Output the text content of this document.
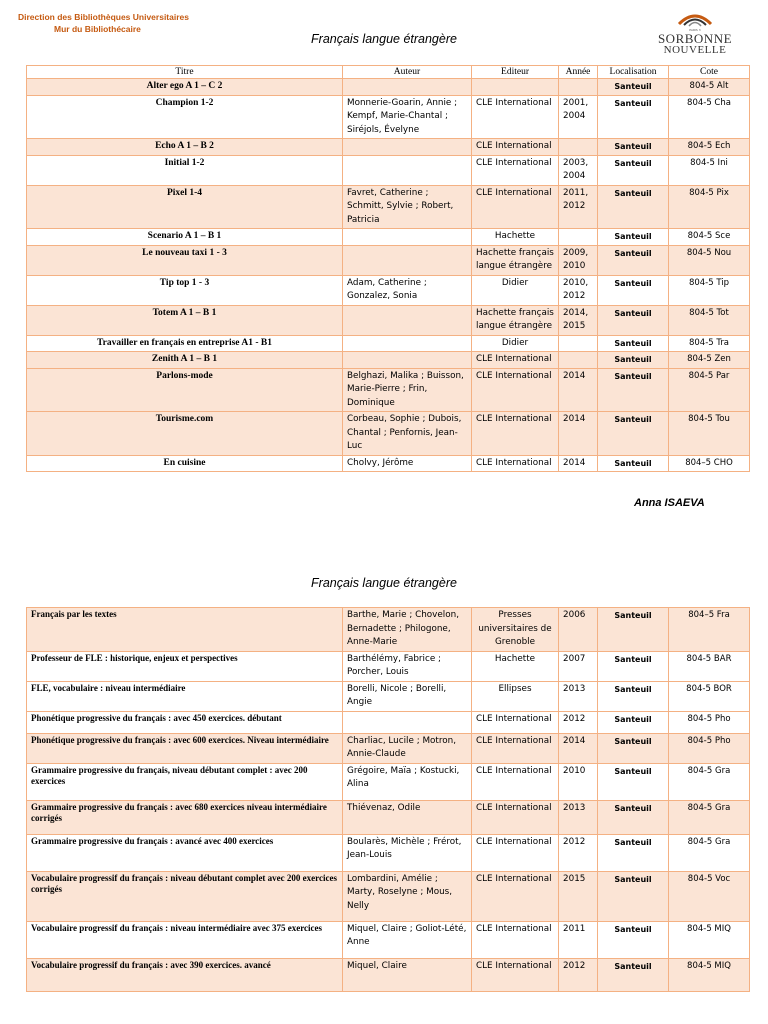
Direction des Bibliothèques Universitaires
Mur du Bibliothécaire	PARIS 3
SORBONNE
NOUVELLE
Français langue étrangère
Titre	Auteur	Editeur	Année	Localisation	Cote
Alter ego A 1 – C 2				Santeuil	804-5 Alt
Champion 1-2	Monnerie-Goarin, Annie ; Kempf, Marie-Chantal ; Siréjols, Évelyne	CLE International	2001, 2004	Santeuil	804-5 Cha
Echo A 1 – B 2		CLE International		Santeuil	804-5 Ech
Initial 1-2		CLE International	2003, 2004	Santeuil	804-5 Ini
Pixel 1-4	Favret, Catherine ; Schmitt, Sylvie ; Robert, Patricia	CLE International	2011, 2012	Santeuil	804-5 Pix
Scenario A 1 – B 1		Hachette		Santeuil	804-5 Sce
Le nouveau taxi 1 - 3		Hachette français langue étrangère	2009, 2010	Santeuil	804-5 Nou
Tip top 1 - 3	Adam, Catherine ; Gonzalez, Sonia	Didier	2010, 2012	Santeuil	804-5 Tip
Totem A 1 – B 1		Hachette français langue étrangère	2014, 2015	Santeuil	804-5 Tot
Travailler en français en entreprise A1 - B1		Didier		Santeuil	804-5 Tra
Zenith A 1 – B 1		CLE International		Santeuil	804-5 Zen
Parlons-mode	Belghazi, Malika ; Buisson, Marie-Pierre ; Frin, Dominique	CLE International	2014	Santeuil	804-5 Par
Tourisme.com	Corbeau, Sophie ; Dubois, Chantal ; Penfornis, Jean-Luc	CLE International	2014	Santeuil	804-5 Tou
En cuisine	Cholvy, Jérôme	CLE International	2014	Santeuil	804–5 CHO
Anna ISAEVA
Français langue étrangère
Français par les textes	Barthe, Marie ; Chovelon, Bernadette ; Philogone, Anne-Marie	Presses universitaires de Grenoble	2006	Santeuil	804–5 Fra
Professeur de FLE : historique, enjeux et perspectives	Barthélémy, Fabrice ; Porcher, Louis	Hachette	2007	Santeuil	804-5 BAR
FLE, vocabulaire : niveau intermédiaire	Borelli, Nicole ; Borelli, Angie	Ellipses	2013	Santeuil	804-5 BOR
Phonétique progressive du français : avec 450 exercices. débutant		CLE International	2012	Santeuil	804-5 Pho
Phonétique progressive du français : avec 600 exercices. Niveau intermédiaire	Charliac, Lucile ; Motron, Annie-Claude	CLE International	2014	Santeuil	804-5 Pho
Grammaire progressive du français, niveau débutant complet : avec 200 exercices	Grégoire, Maïa ; Kostucki, Alina	CLE International	2010	Santeuil	804-5 Gra
Grammaire progressive du français : avec 680 exercices niveau intermédiaire corrigés	Thiévenaz, Odile	CLE International	2013	Santeuil	804-5 Gra
Grammaire progressive du français : avancé avec 400 exercices	Boularès, Michèle ; Frérot, Jean-Louis	CLE International	2012	Santeuil	804-5 Gra
Vocabulaire progressif du français : niveau débutant complet avec 200 exercices corrigés	Lombardini, Amélie ; Marty, Roselyne ; Mous, Nelly	CLE International	2015	Santeuil	804-5 Voc
Vocabulaire progressif du français : niveau intermédiaire avec 375 exercices	Miquel, Claire ; Goliot-Lété, Anne	CLE International	2011	Santeuil	804-5 MIQ
Vocabulaire progressif du français : avec 390 exercices. avancé	Miquel, Claire	CLE International	2012	Santeuil	804-5 MIQ
